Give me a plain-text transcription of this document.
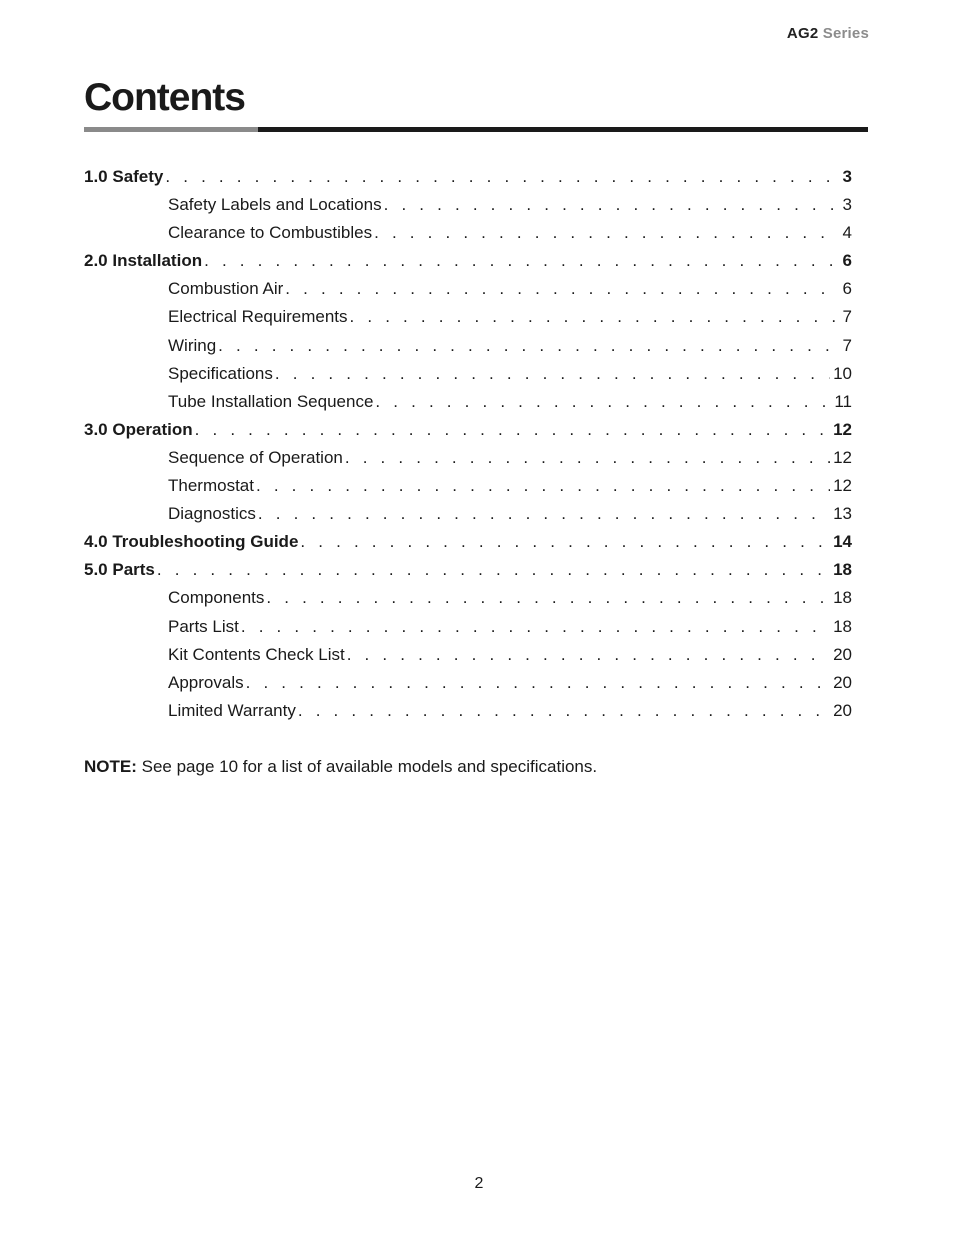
AG2 Series
Contents
1.0 Safety . . .	3
Safety Labels and Locations . . .	3
Clearance to Combustibles . . .	4
2.0 Installation . . .	6
Combustion Air . . .	6
Electrical Requirements . . .	7
Wiring . . .	7
Specifications . . .	10
Tube Installation Sequence . . .	11
3.0 Operation . . .	12
Sequence of Operation . . .	12
Thermostat . . .	12
Diagnostics . . .	13
4.0 Troubleshooting Guide . . .	14
5.0 Parts . . .	18
Components . . .	18
Parts List . . .	18
Kit Contents Check List . . .	20
Approvals . . .	20
Limited Warranty . . .	20

NOTE: See page 10 for a list of available models and specifications.

2
